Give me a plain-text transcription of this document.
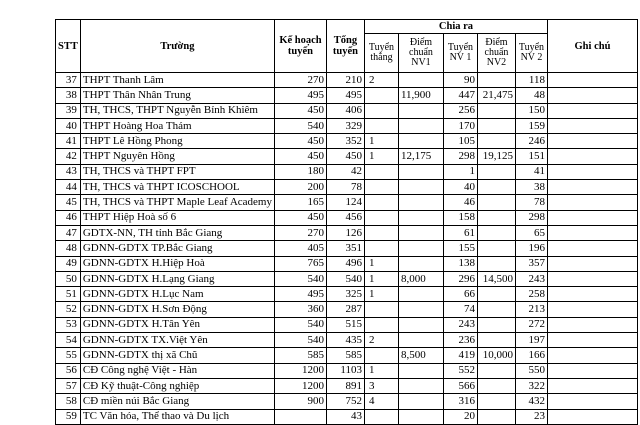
STT	Trường	Kế hoạch tuyển	Tổng tuyển	Chia ra					Ghi chú
				Tuyển thẳng	Điểm chuẩn NV1	Tuyển NV 1	Điểm chuẩn NV2	Tuyển NV 2	
37	THPT Thanh Lâm	270	210	2		90		118	
38	THPT Thân Nhân Trung	495	495		11,900	447	21,475	48	
39	TH, THCS, THPT Nguyễn Bỉnh Khiêm	450	406			256		150	
40	THPT Hoàng Hoa Thám	540	329			170		159	
41	THPT Lê Hồng Phong	450	352	1		105		246	
42	THPT Nguyên Hồng	450	450	1	12,175	298	19,125	151	
43	TH, THCS và THPT FPT	180	42			1		41	
44	TH, THCS và THPT ICOSCHOOL	200	78			40		38	
45	TH, THCS và THPT Maple Leaf Academy	165	124			46		78	
46	THPT Hiệp Hoà số 6	450	456			158		298	
47	GDTX-NN, TH tỉnh Bắc Giang	270	126			61		65	
48	GDNN-GDTX TP.Bắc Giang	405	351			155		196	
49	GDNN-GDTX H.Hiệp Hoà	765	496	1		138		357	
50	GDNN-GDTX H.Lạng Giang	540	540	1	8,000	296	14,500	243	
51	GDNN-GDTX H.Lục Nam	495	325	1		66		258	
52	GDNN-GDTX H.Sơn Động	360	287			74		213	
53	GDNN-GDTX H.Tân Yên	540	515			243		272	
54	GDNN-GDTX TX.Việt Yên	540	435	2		236		197	
55	GDNN-GDTX thị xã Chũ	585	585		8,500	419	10,000	166	
56	CĐ Công nghệ Việt - Hàn	1200	1103	1		552		550	
57	CĐ Kỹ thuật-Công nghiệp	1200	891	3		566		322	
58	CĐ miền núi Bắc Giang	900	752	4		316		432	
59	TC Văn hóa, Thể thao và Du lịch		43			20		23	
